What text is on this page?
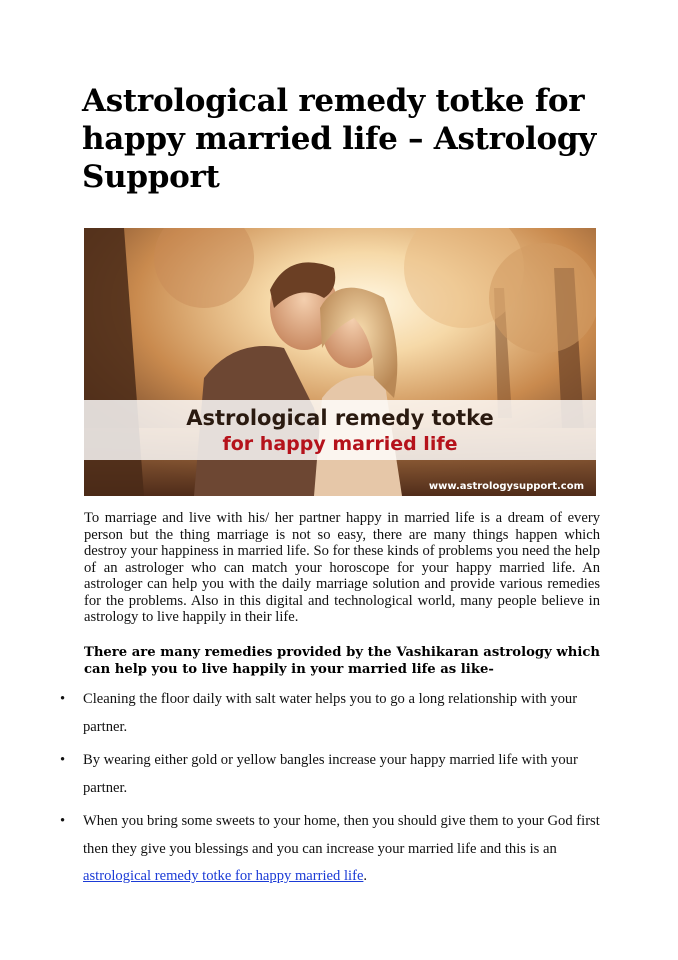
Astrological remedy totke for happy married life – Astrology Support
Astrological remedy totke
for happy married life
www.astrologysupport.com

To marriage and live with his/ her partner happy in married life is a dream of every person but the thing marriage is not so easy, there are many things happen which destroy your happiness in married life. So for these kinds of problems you need the help of an astrologer who can match your horoscope for your happy married life. An astrologer can help you with the daily marriage solution and provide various remedies for the problems. Also in this digital and technological world, many people believe in astrology to live happily in their life.

There are many remedies provided by the Vashikaran astrology which can help you to live happily in your married life as like-

• Cleaning the floor daily with salt water helps you to go a long relationship with your partner.
• By wearing either gold or yellow bangles increase your happy married life with your partner.
• When you bring some sweets to your home, then you should give them to your God first then they give you blessings and you can increase your married life and this is an astrological remedy totke for happy married life.
